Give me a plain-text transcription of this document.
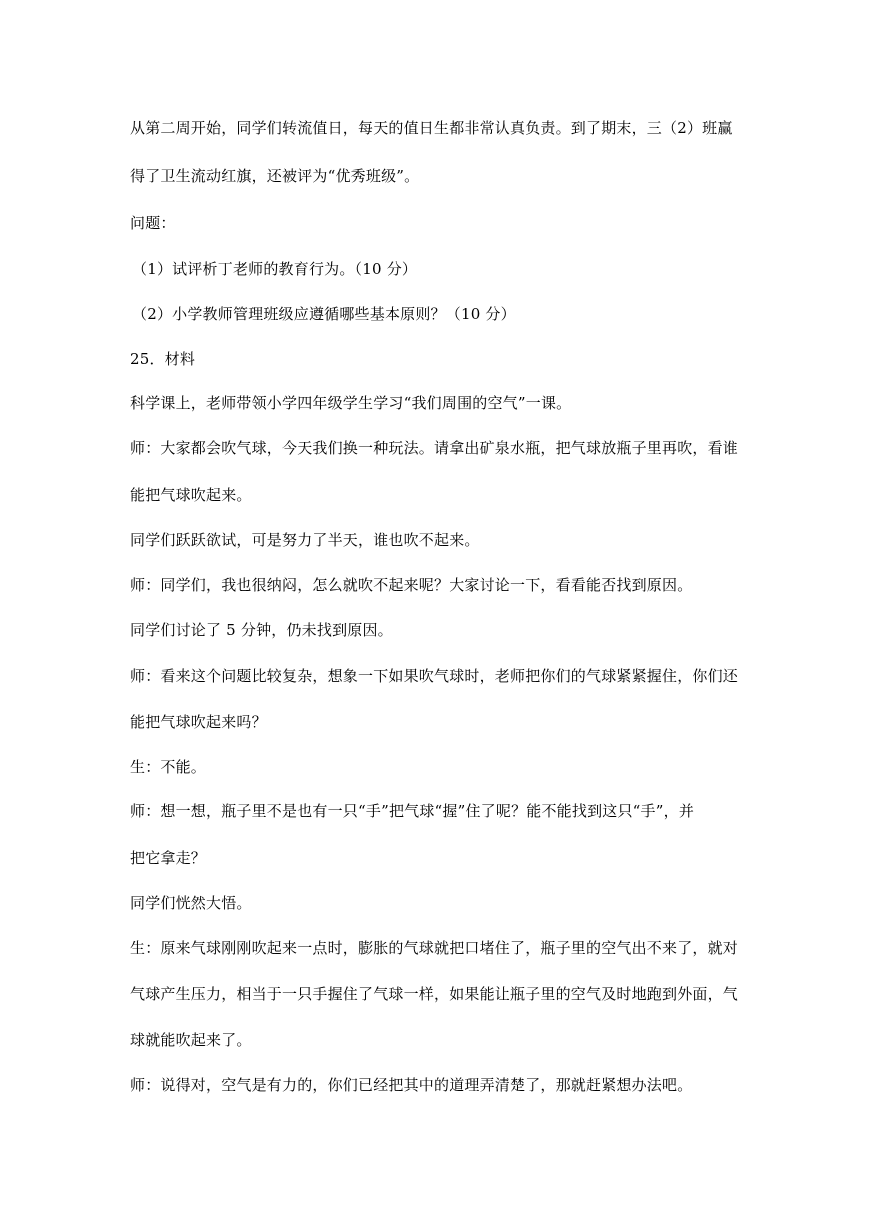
从第二周开始，同学们转流值日，每天的值日生都非常认真负责。到了期末，三（2）班赢
得了卫生流动红旗，还被评为“优秀班级”。
问题：
（1）试评析丁老师的教育行为。（10 分）
（2）小学教师管理班级应遵循哪些基本原则？（10 分）
25．材料
科学课上，老师带领小学四年级学生学习“我们周围的空气”一课。
师：大家都会吹气球，今天我们换一种玩法。请拿出矿泉水瓶，把气球放瓶子里再吹，看谁
能把气球吹起来。
同学们跃跃欲试，可是努力了半天，谁也吹不起来。
师：同学们，我也很纳闷，怎么就吹不起来呢？大家讨论一下，看看能否找到原因。
同学们讨论了 5 分钟，仍未找到原因。
师：看来这个问题比较复杂，想象一下如果吹气球时，老师把你们的气球紧紧握住，你们还
能把气球吹起来吗？
生：不能。
师：想一想，瓶子里不是也有一只“手”把气球“握”住了呢？能不能找到这只“手”，并
把它拿走？
同学们恍然大悟。
生：原来气球刚刚吹起来一点时，膨胀的气球就把口堵住了，瓶子里的空气出不来了，就对
气球产生压力，相当于一只手握住了气球一样，如果能让瓶子里的空气及时地跑到外面，气
球就能吹起来了。
师：说得对，空气是有力的，你们已经把其中的道理弄清楚了，那就赶紧想办法吧。
